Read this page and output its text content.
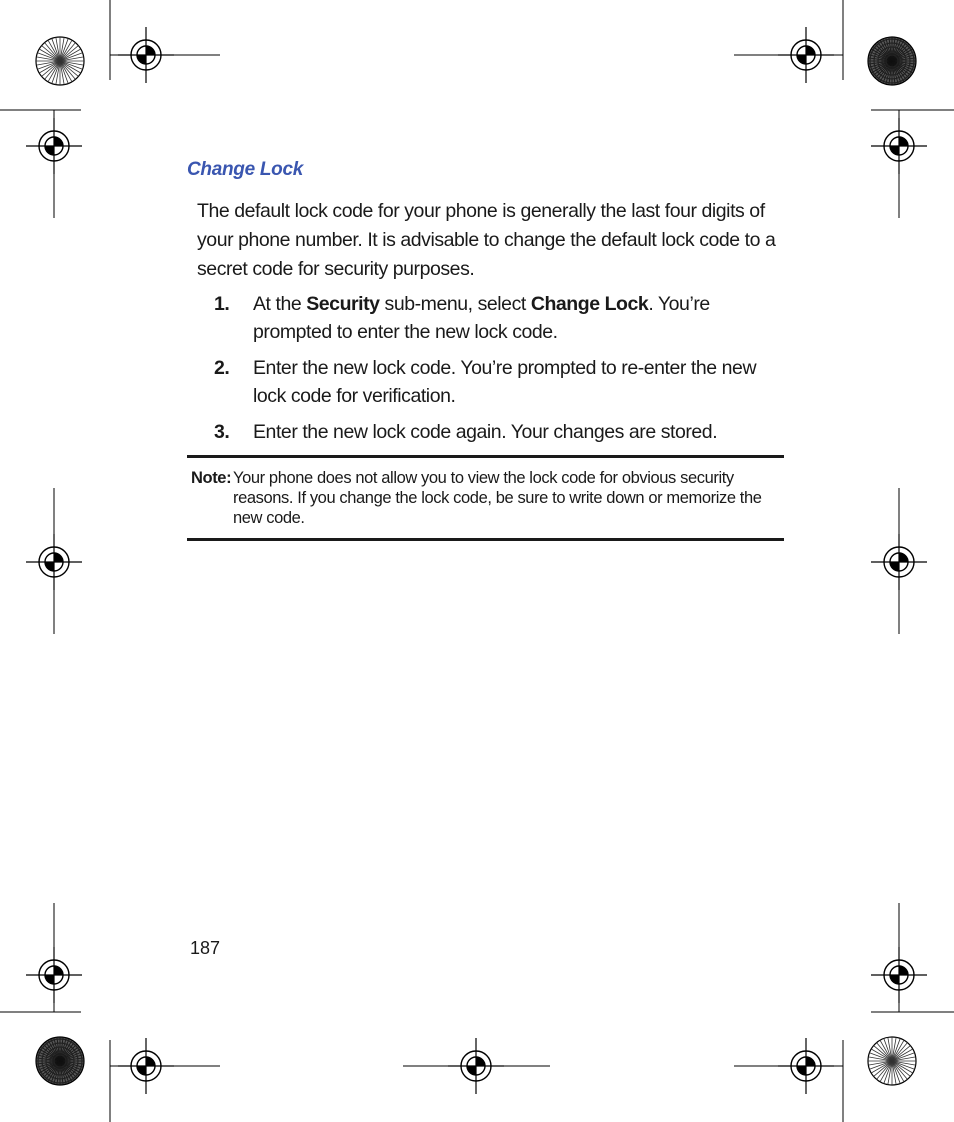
Change Lock

The default lock code for your phone is generally the last four digits of your phone number. It is advisable to change the default lock code to a secret code for security purposes.

1. At the Security sub-menu, select Change Lock. You’re prompted to enter the new lock code.
2. Enter the new lock code. You’re prompted to re-enter the new lock code for verification.
3. Enter the new lock code again. Your changes are stored.
Note: Your phone does not allow you to view the lock code for obvious security reasons. If you change the lock code, be sure to write down or memorize the new code.
187
